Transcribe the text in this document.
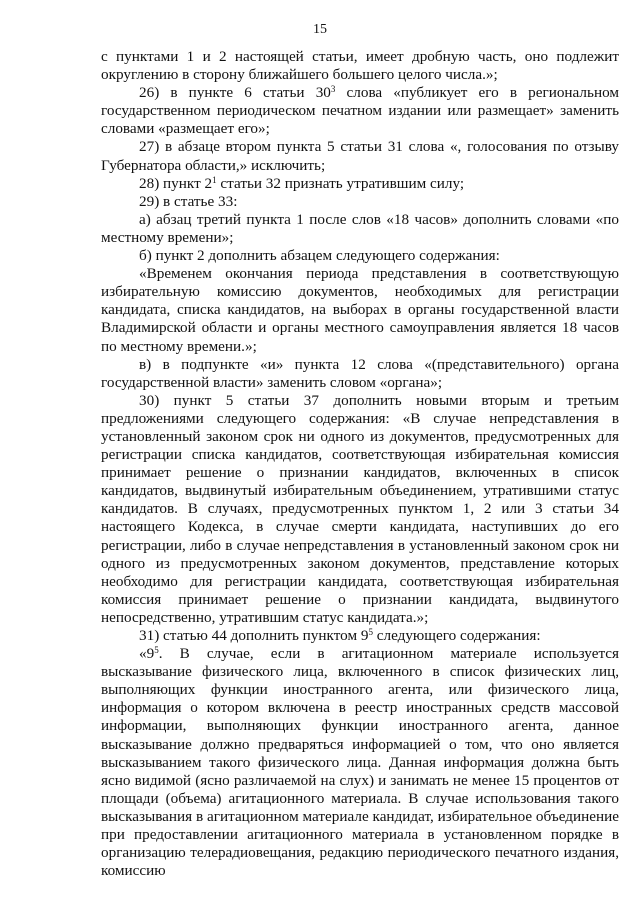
15

с пунктами 1 и 2 настоящей статьи, имеет дробную часть, оно подлежит округлению в сторону ближайшего большего целого числа.»;

26) в пункте 6 статьи $30^3$ слова «публикует его в региональном государственном периодическом печатном издании или размещает» заменить словами «размещает его»;

27) в абзаце втором пункта 5 статьи 31 слова «, голосования по отзыву Губернатора области,» исключить;

28) пункт $2^1$ статьи 32 признать утратившим силу;

29) в статье 33:

а) абзац третий пункта 1 после слов «18 часов» дополнить словами «по местному времени»;

б) пункт 2 дополнить абзацем следующего содержания:

«Временем окончания периода представления в соответствующую избирательную комиссию документов, необходимых для регистрации кандидата, списка кандидатов, на выборах в органы государственной власти Владимирской области и органы местного самоуправления является 18 часов по местному времени.»;

в) в подпункте «и» пункта 12 слова «(представительного) органа государственной власти» заменить словом «органа»;

30) пункт 5 статьи 37 дополнить новыми вторым и третьим предложениями следующего содержания: «В случае непредставления в установленный законом срок ни одного из документов, предусмотренных для регистрации списка кандидатов, соответствующая избирательная комиссия принимает решение о признании кандидатов, включенных в список кандидатов, выдвинутый избирательным объединением, утратившими статус кандидатов. В случаях, предусмотренных пунктом 1, 2 или 3 статьи 34 настоящего Кодекса, в случае смерти кандидата, наступивших до его регистрации, либо в случае непредставления в установленный законом срок ни одного из предусмотренных законом документов, представление которых необходимо для регистрации кандидата, соответствующая избирательная комиссия принимает решение о признании кандидата, выдвинутого непосредственно, утратившим статус кандидата.»;

31) статью 44 дополнить пунктом $9^5$ следующего содержания:

«$9^5$. В случае, если в агитационном материале используется высказывание физического лица, включенного в список физических лиц, выполняющих функции иностранного агента, или физического лица, информация о котором включена в реестр иностранных средств массовой информации, выполняющих функции иностранного агента, данное высказывание должно предваряться информацией о том, что оно является высказыванием такого физического лица. Данная информация должна быть ясно видимой (ясно различаемой на слух) и занимать не менее 15 процентов от площади (объема) агитационного материала. В случае использования такого высказывания в агитационном материале кандидат, избирательное объединение при предоставлении агитационного материала в установленном порядке в организацию телерадиовещания, редакцию периодического печатного издания, комиссию
